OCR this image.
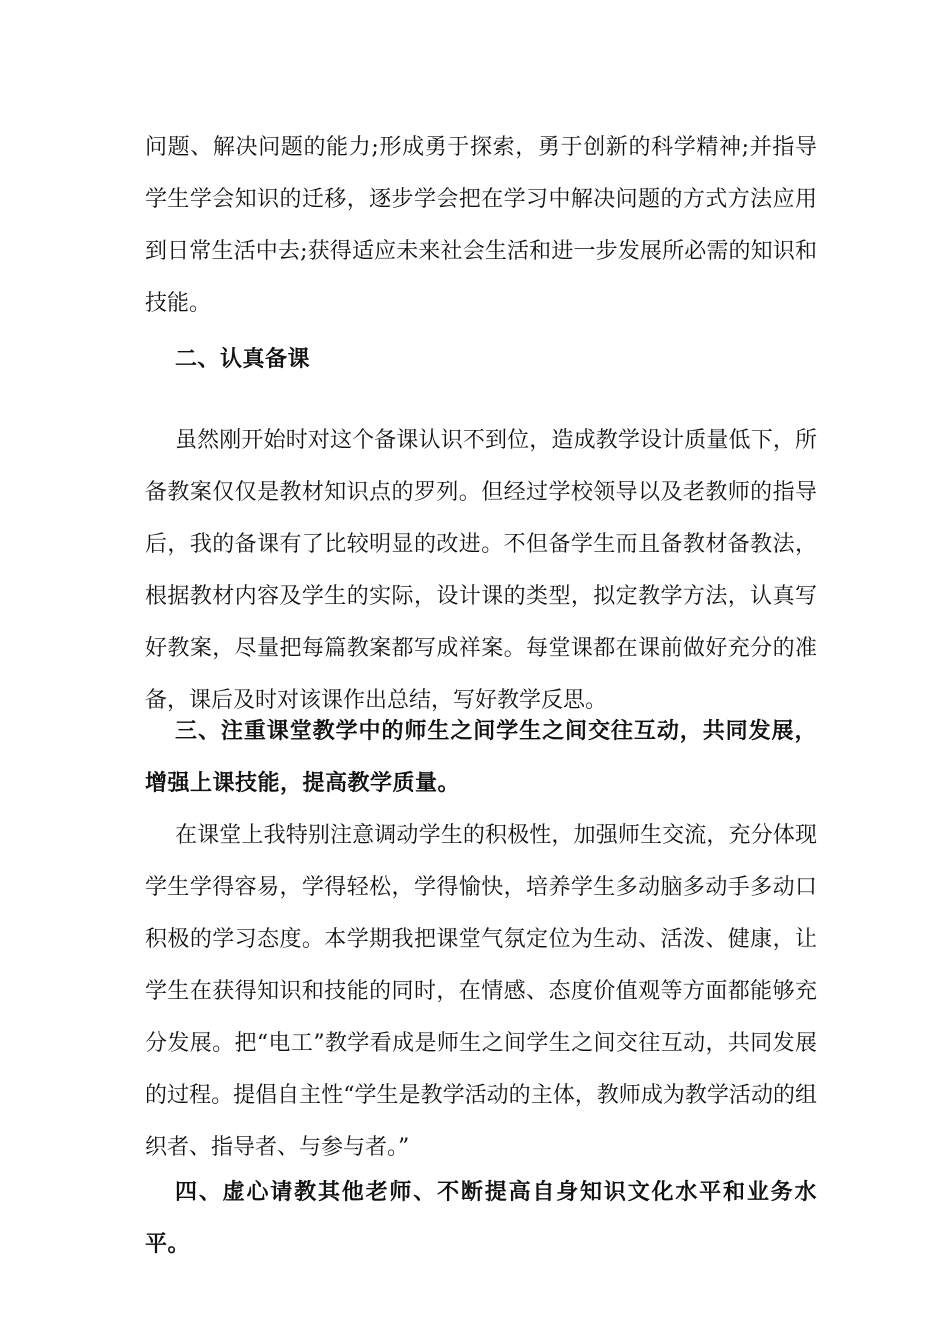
问题、解决问题的能力;形成勇于探索，勇于创新的科学精神;并指导学生学会知识的迁移，逐步学会把在学习中解决问题的方式方法应用到日常生活中去;获得适应未来社会生活和进一步发展所必需的知识和技能。

二、认真备课

虽然刚开始时对这个备课认识不到位，造成教学设计质量低下，所备教案仅仅是教材知识点的罗列。但经过学校领导以及老教师的指导后，我的备课有了比较明显的改进。不但备学生而且备教材备教法，根据教材内容及学生的实际，设计课的类型，拟定教学方法，认真写好教案，尽量把每篇教案都写成祥案。每堂课都在课前做好充分的准备，课后及时对该课作出总结，写好教学反思。

三、注重课堂教学中的师生之间学生之间交往互动，共同发展，增强上课技能，提高教学质量。

在课堂上我特别注意调动学生的积极性，加强师生交流，充分体现学生学得容易，学得轻松，学得愉快，培养学生多动脑多动手多动口积极的学习态度。本学期我把课堂气氛定位为生动、活泼、健康，让学生在获得知识和技能的同时，在情感、态度价值观等方面都能够充分发展。把“电工”教学看成是师生之间学生之间交往互动，共同发展的过程。提倡自主性“学生是教学活动的主体，教师成为教学活动的组织者、指导者、与参与者。”

四、虚心请教其他老师、不断提高自身知识文化水平和业务水平。
